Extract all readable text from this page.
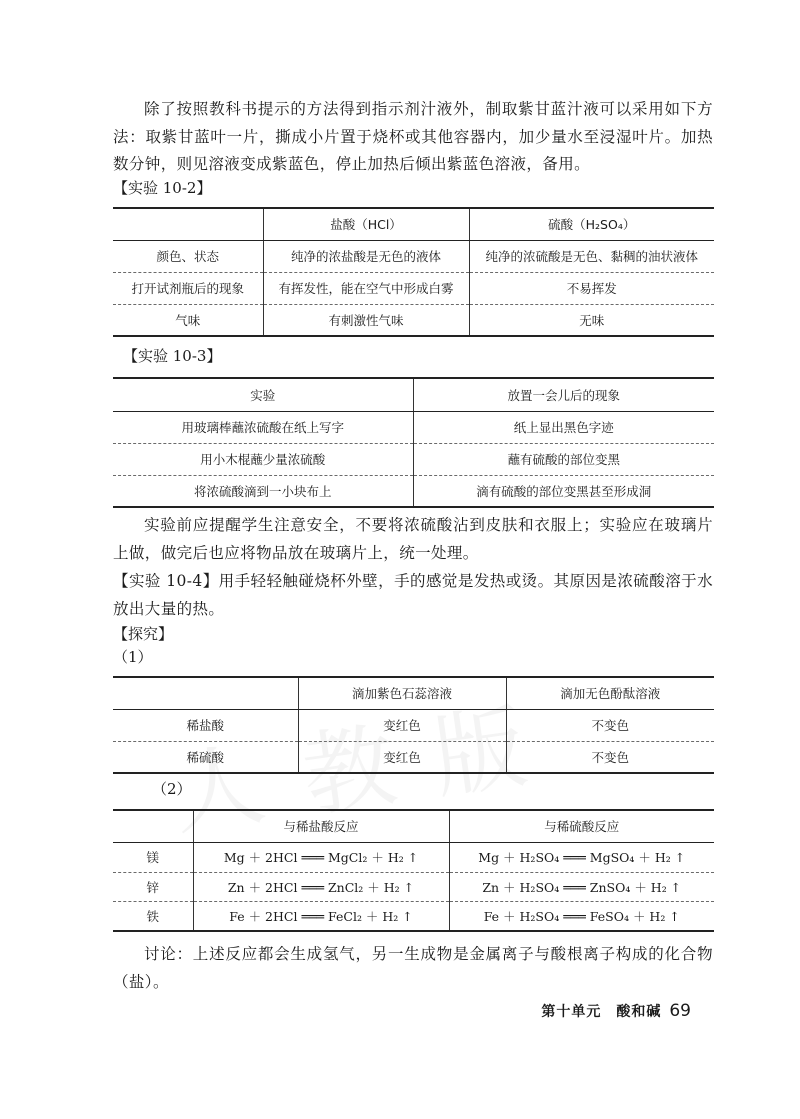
除了按照教科书提示的方法得到指示剂汁液外，制取紫甘蓝汁液可以采用如下方法：取紫甘蓝叶一片，撕成小片置于烧杯或其他容器内，加少量水至浸湿叶片。加热数分钟，则见溶液变成紫蓝色，停止加热后倾出紫蓝色溶液，备用。
【实验 10-2】
	盐酸（HCl）	硫酸（H₂SO₄）
颜色、状态	纯净的浓盐酸是无色的液体	纯净的浓硫酸是无色、黏稠的油状液体
打开试剂瓶后的现象	有挥发性，能在空气中形成白雾	不易挥发
气味	有刺激性气味	无味
【实验 10-3】
实验	放置一会儿后的现象
用玻璃棒蘸浓硫酸在纸上写字	纸上显出黑色字迹
用小木棍蘸少量浓硫酸	蘸有硫酸的部位变黑
将浓硫酸滴到一小块布上	滴有硫酸的部位变黑甚至形成洞
实验前应提醒学生注意安全，不要将浓硫酸沾到皮肤和衣服上；实验应在玻璃片上做，做完后也应将物品放在玻璃片上，统一处理。
【实验 10-4】用手轻轻触碰烧杯外壁，手的感觉是发热或烫。其原因是浓硫酸溶于水放出大量的热。
【探究】
（1）
	滴加紫色石蕊溶液	滴加无色酚酞溶液
稀盐酸	变红色	不变色
稀硫酸	变红色	不变色
（2）
	与稀盐酸反应	与稀硫酸反应
镁	Mg ＋ 2HCl ═══ MgCl₂ ＋ H₂ ↑	Mg ＋ H₂SO₄ ═══ MgSO₄ ＋ H₂ ↑
锌	Zn ＋ 2HCl ═══ ZnCl₂ ＋ H₂ ↑	Zn ＋ H₂SO₄ ═══ ZnSO₄ ＋ H₂ ↑
铁	Fe ＋ 2HCl ═══ FeCl₂ ＋ H₂ ↑	Fe ＋ H₂SO₄ ═══ FeSO₄ ＋ H₂ ↑
讨论：上述反应都会生成氢气，另一生成物是金属离子与酸根离子构成的化合物（盐）。
第十单元　酸和碱 69
